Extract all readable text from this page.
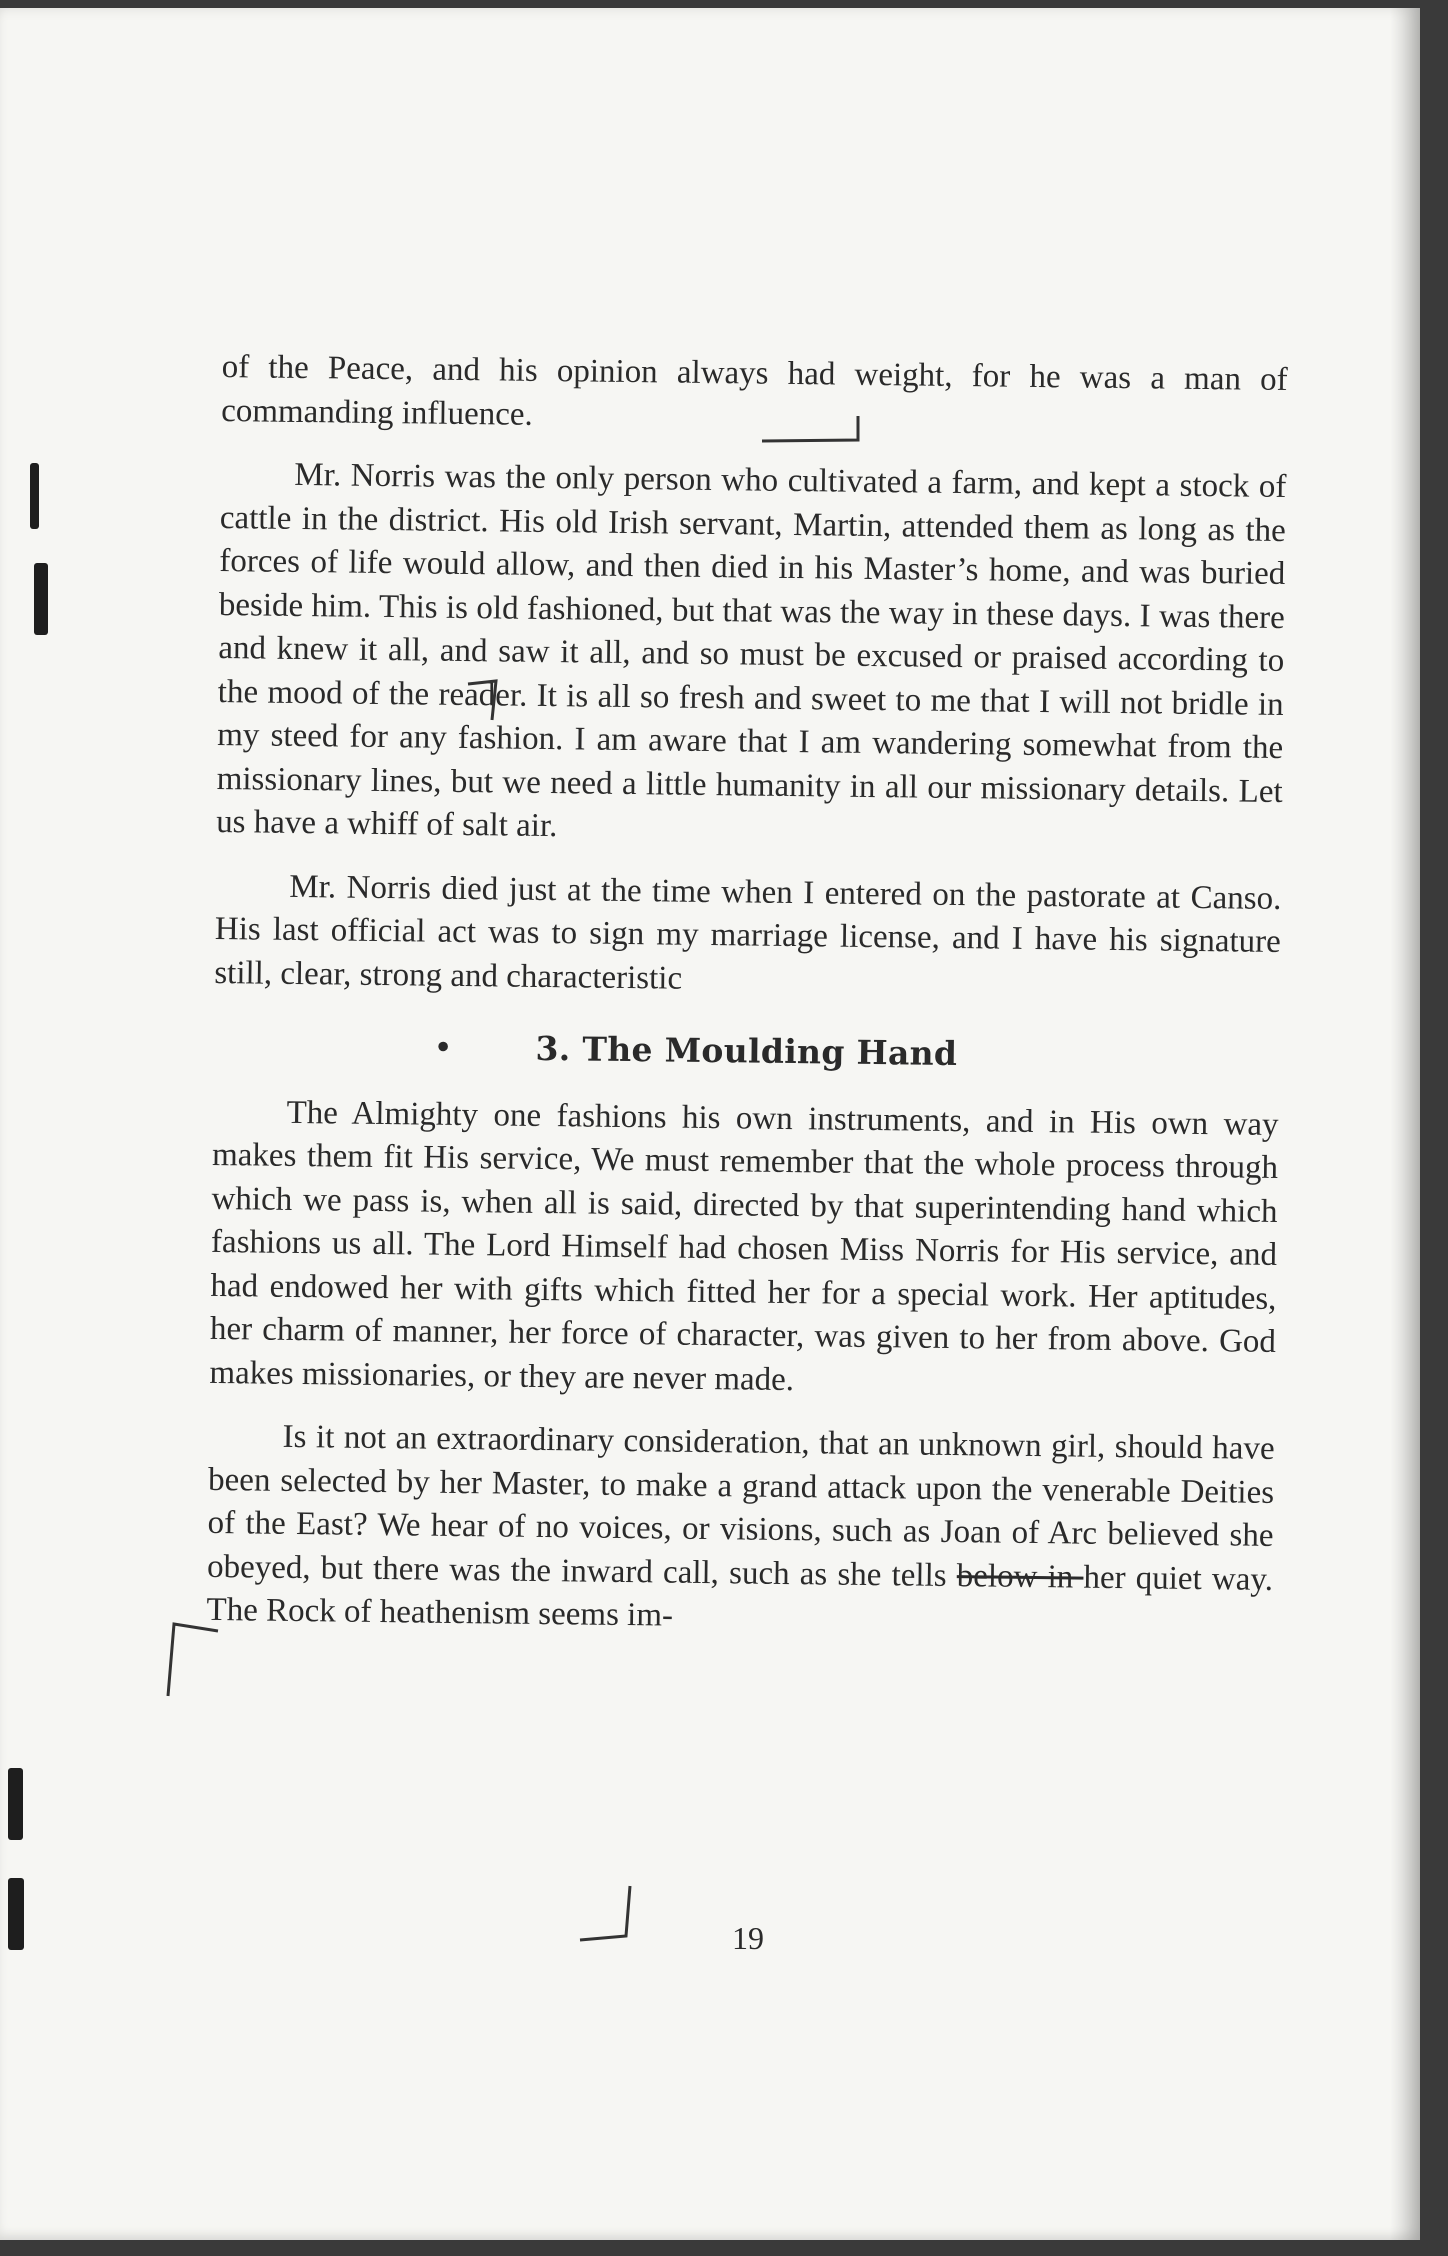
of the Peace, and his opinion always had weight, for he was a man of commanding influence.

Mr. Norris was the only person who cultivated a farm, and kept a stock of cattle in the district. His old Irish servant, Martin, attended them as long as the forces of life would allow, and then died in his Master’s home, and was buried beside him. This is old fashioned, but that was the way in these days. I was there and knew it all, and saw it all, and so must be excused or praised according to the mood of the reader. It is all so fresh and sweet to me that I will not bridle in my steed for any fashion. I am aware that I am wandering somewhat from the missionary lines, but we need a little humanity in all our missionary details. Let us have a whiff of salt air.

Mr. Norris died just at the time when I entered on the pastorate at Canso. His last official act was to sign my marriage license, and I have his signature still, clear, strong and characteristic

• 3. The Moulding Hand

The Almighty one fashions his own instruments, and in His own way makes them fit His service, We must remember that the whole process through which we pass is, when all is said, directed by that superintending hand which fashions us all. The Lord Himself had chosen Miss Norris for His service, and had endowed her with gifts which fitted her for a special work. Her aptitudes, her charm of manner, her force of character, was given to her from above. God makes missionaries, or they are never made.

Is it not an extraordinary consideration, that an unknown girl, should have been selected by her Master, to make a grand attack upon the venerable Deities of the East? We hear of no voices, or visions, such as Joan of Arc believed she obeyed, but there was the inward call, such as she tells below in her quiet way. The Rock of heathenism seems im-

19
